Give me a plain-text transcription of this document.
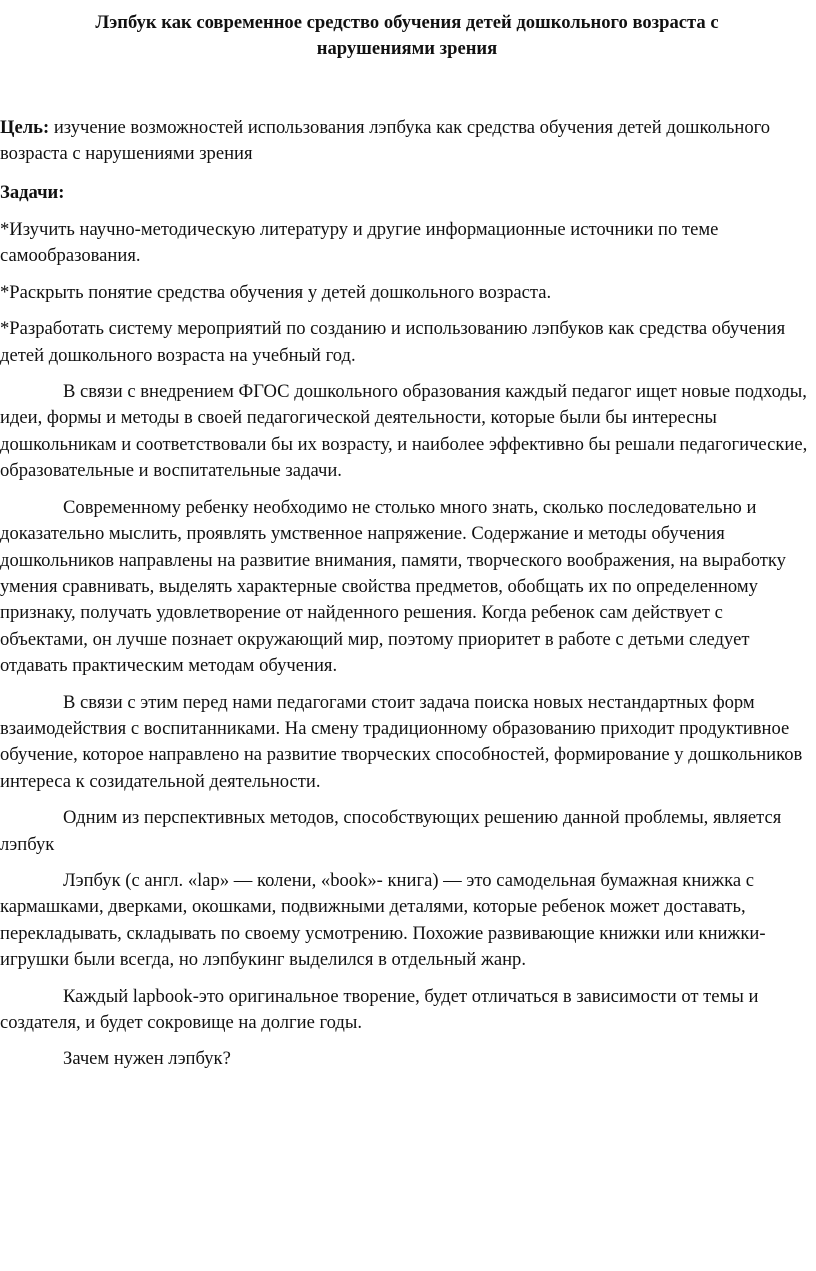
Лэпбук как современное средство обучения детей дошкольного возраста с
нарушениями зрения

Цель: изучение возможностей использования лэпбука как средства обучения детей дошкольного возраста с нарушениями зрения

Задачи:

*Изучить научно-методическую литературу и другие информационные источники по теме самообразования.

*Раскрыть понятие средства обучения у детей дошкольного возраста.

*Разработать систему мероприятий по созданию и использованию лэпбуков как средства обучения детей дошкольного возраста на учебный год.

В связи с внедрением ФГОС дошкольного образования каждый педагог ищет новые подходы, идеи, формы и методы в своей педагогической деятельности, которые были бы интересны дошкольникам и соответствовали бы их возрасту, и наиболее эффективно бы решали педагогические, образовательные и воспитательные задачи.

Современному ребенку необходимо не столько много знать, сколько последовательно и доказательно мыслить, проявлять умственное напряжение. Содержание и методы обучения дошкольников направлены на развитие внимания, памяти, творческого воображения, на выработку умения сравнивать, выделять характерные свойства предметов, обобщать их по определенному признаку, получать удовлетворение от найденного решения. Когда ребенок сам действует с объектами, он лучше познает окружающий мир, поэтому приоритет в работе с детьми следует отдавать практическим методам обучения.

В связи с этим перед нами педагогами стоит задача поиска новых нестандартных форм взаимодействия с воспитанниками. На смену традиционному образованию приходит продуктивное обучение, которое направлено на развитие творческих способностей, формирование у дошкольников интереса к созидательной деятельности.

Одним из перспективных методов, способствующих решению данной проблемы, является лэпбук

Лэпбук (с англ. «lap» — колени, «book»- книга) — это самодельная бумажная книжка с кармашками, дверками, окошками, подвижными деталями, которые ребенок может доставать, перекладывать, складывать по своему усмотрению. Похожие развивающие книжки или книжки-игрушки были всегда, но лэпбукинг выделился в отдельный жанр.

Каждый lapbook-это оригинальное творение, будет отличаться в зависимости от темы и создателя, и будет сокровище на долгие годы.

Зачем нужен лэпбук?
